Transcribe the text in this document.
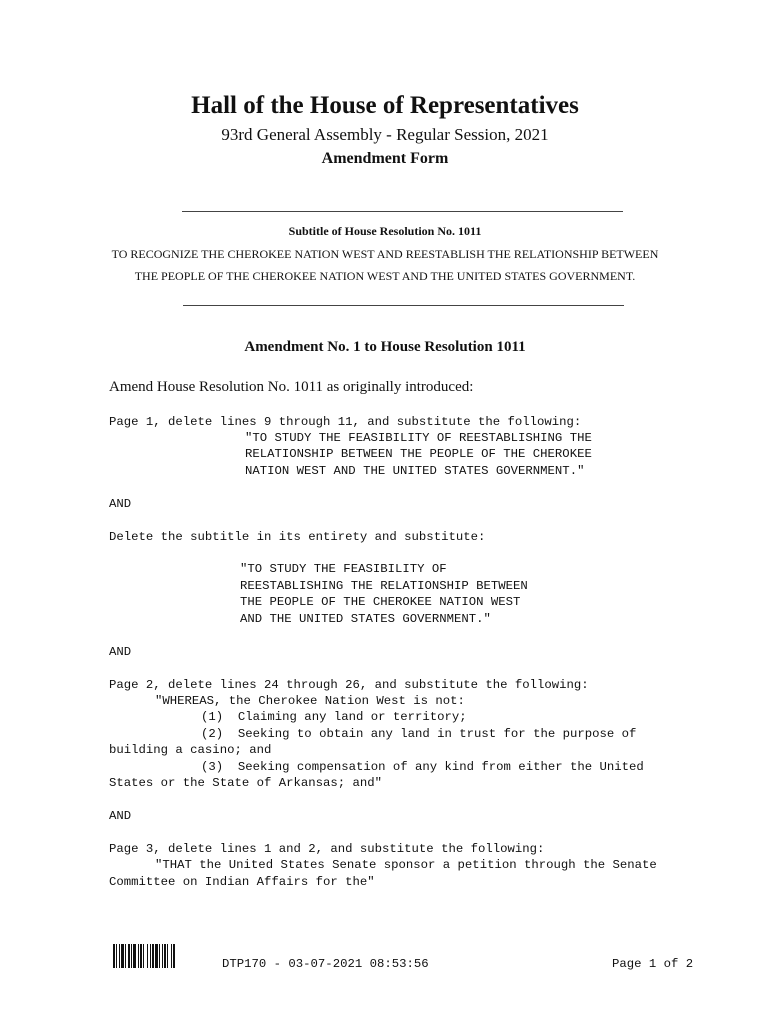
Hall of the House of Representatives
93rd General Assembly - Regular Session, 2021
Amendment Form
Subtitle of House Resolution No. 1011
TO RECOGNIZE THE CHEROKEE NATION WEST AND REESTABLISH THE RELATIONSHIP BETWEEN
THE PEOPLE OF THE CHEROKEE NATION WEST AND THE UNITED STATES GOVERNMENT.
Amendment No. 1 to House Resolution 1011
Amend House Resolution No. 1011 as originally introduced:
Page 1, delete lines 9 through 11, and substitute the following:
"TO STUDY THE FEASIBILITY OF REESTABLISHING THE
RELATIONSHIP BETWEEN THE PEOPLE OF THE CHEROKEE
NATION WEST AND THE UNITED STATES GOVERNMENT."
AND
Delete the subtitle in its entirety and substitute:
"TO STUDY THE FEASIBILITY OF
REESTABLISHING THE RELATIONSHIP BETWEEN
THE PEOPLE OF THE CHEROKEE NATION WEST
AND THE UNITED STATES GOVERNMENT."
AND
Page 2, delete lines 24 through 26, and substitute the following:
"WHEREAS, the Cherokee Nation West is not:
(1)  Claiming any land or territory;
(2)  Seeking to obtain any land in trust for the purpose of
building a casino; and
(3)  Seeking compensation of any kind from either the United
States or the State of Arkansas; and"
AND
Page 3, delete lines 1 and 2, and substitute the following:
"THAT the United States Senate sponsor a petition through the Senate
Committee on Indian Affairs for the"
DTP170 - 03-07-2021 08:53:56	Page 1 of 2
